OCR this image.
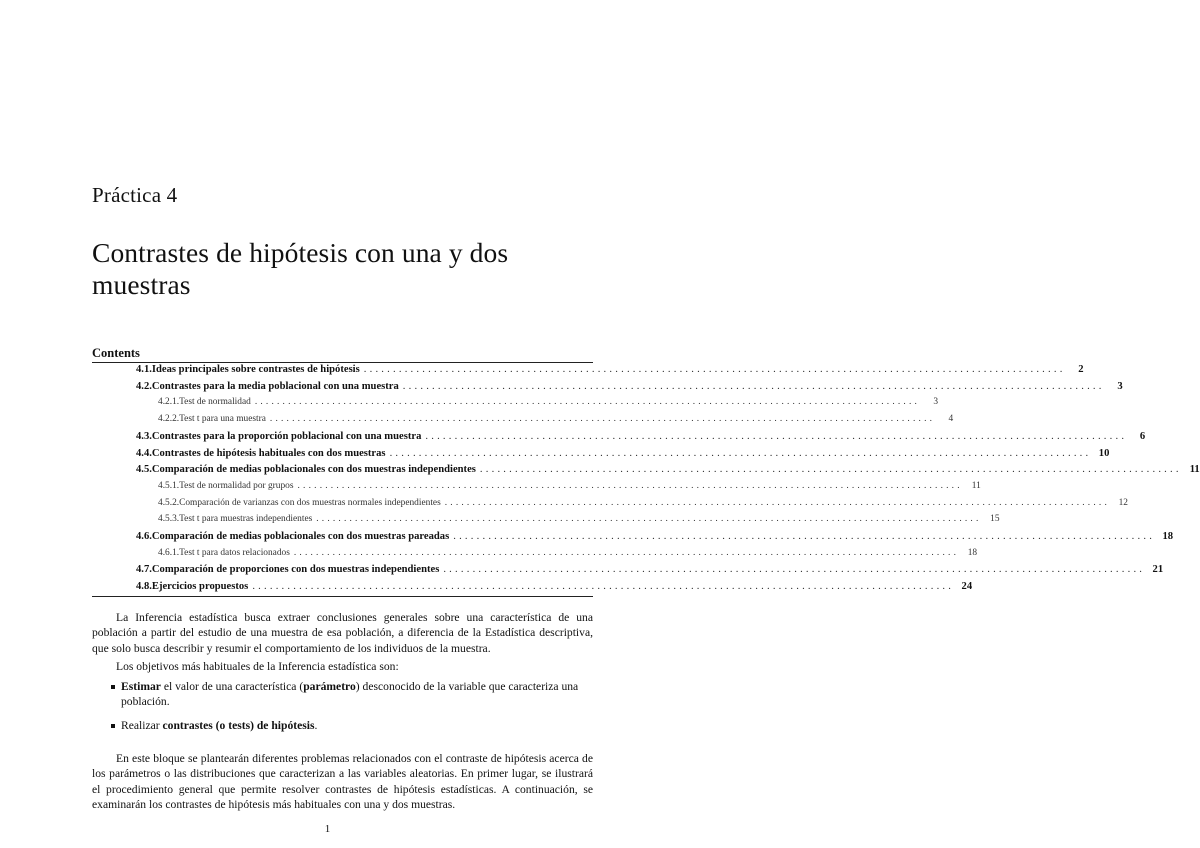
Práctica 4
Contrastes de hipótesis con una y dos muestras
Contents
4.1. Ideas principales sobre contrastes de hipótesis ........................................................................................................................	2
4.2. Contrastes para la media poblacional con una muestra ........................................................................................................................	3
4.2.1. Test de normalidad ........................................................................................................................	3
4.2.2. Test t para una muestra ........................................................................................................................	4
4.3. Contrastes para la proporción poblacional con una muestra ........................................................................................................................	6
4.4. Contrastes de hipótesis habituales con dos muestras ........................................................................................................................ 10
4.5. Comparación de medias poblacionales con dos muestras independientes ........................................................................................................................ 11
4.5.1. Test de normalidad por grupos ........................................................................................................................ 11
4.5.2. Comparación de varianzas con dos muestras normales independientes ........................................................................................................................ 12
4.5.3. Test t para muestras independientes ........................................................................................................................ 15
4.6. Comparación de medias poblacionales con dos muestras pareadas ........................................................................................................................ 18
4.6.1. Test t para datos relacionados ........................................................................................................................ 18
4.7. Comparación de proporciones con dos muestras independientes ........................................................................................................................ 21
4.8. Ejercicios propuestos ........................................................................................................................ 24
La Inferencia estadística busca extraer conclusiones generales sobre una característica de una población a partir del estudio de una muestra de esa población, a diferencia de la Estadística descriptiva, que solo busca describir y resumir el comportamiento de los individuos de la muestra.
Los objetivos más habituales de la Inferencia estadística son:
Estimar el valor de una característica (parámetro) desconocido de la variable que caracteriza una población.
Realizar contrastes (o tests) de hipótesis.
En este bloque se plantearán diferentes problemas relacionados con el contraste de hipótesis acerca de los parámetros o las distribuciones que caracterizan a las variables aleatorias. En primer lugar, se ilustrará el procedimiento general que permite resolver contrastes de hipótesis estadísticas. A continuación, se examinarán los contrastes de hipótesis más habituales con una y dos muestras.
1
